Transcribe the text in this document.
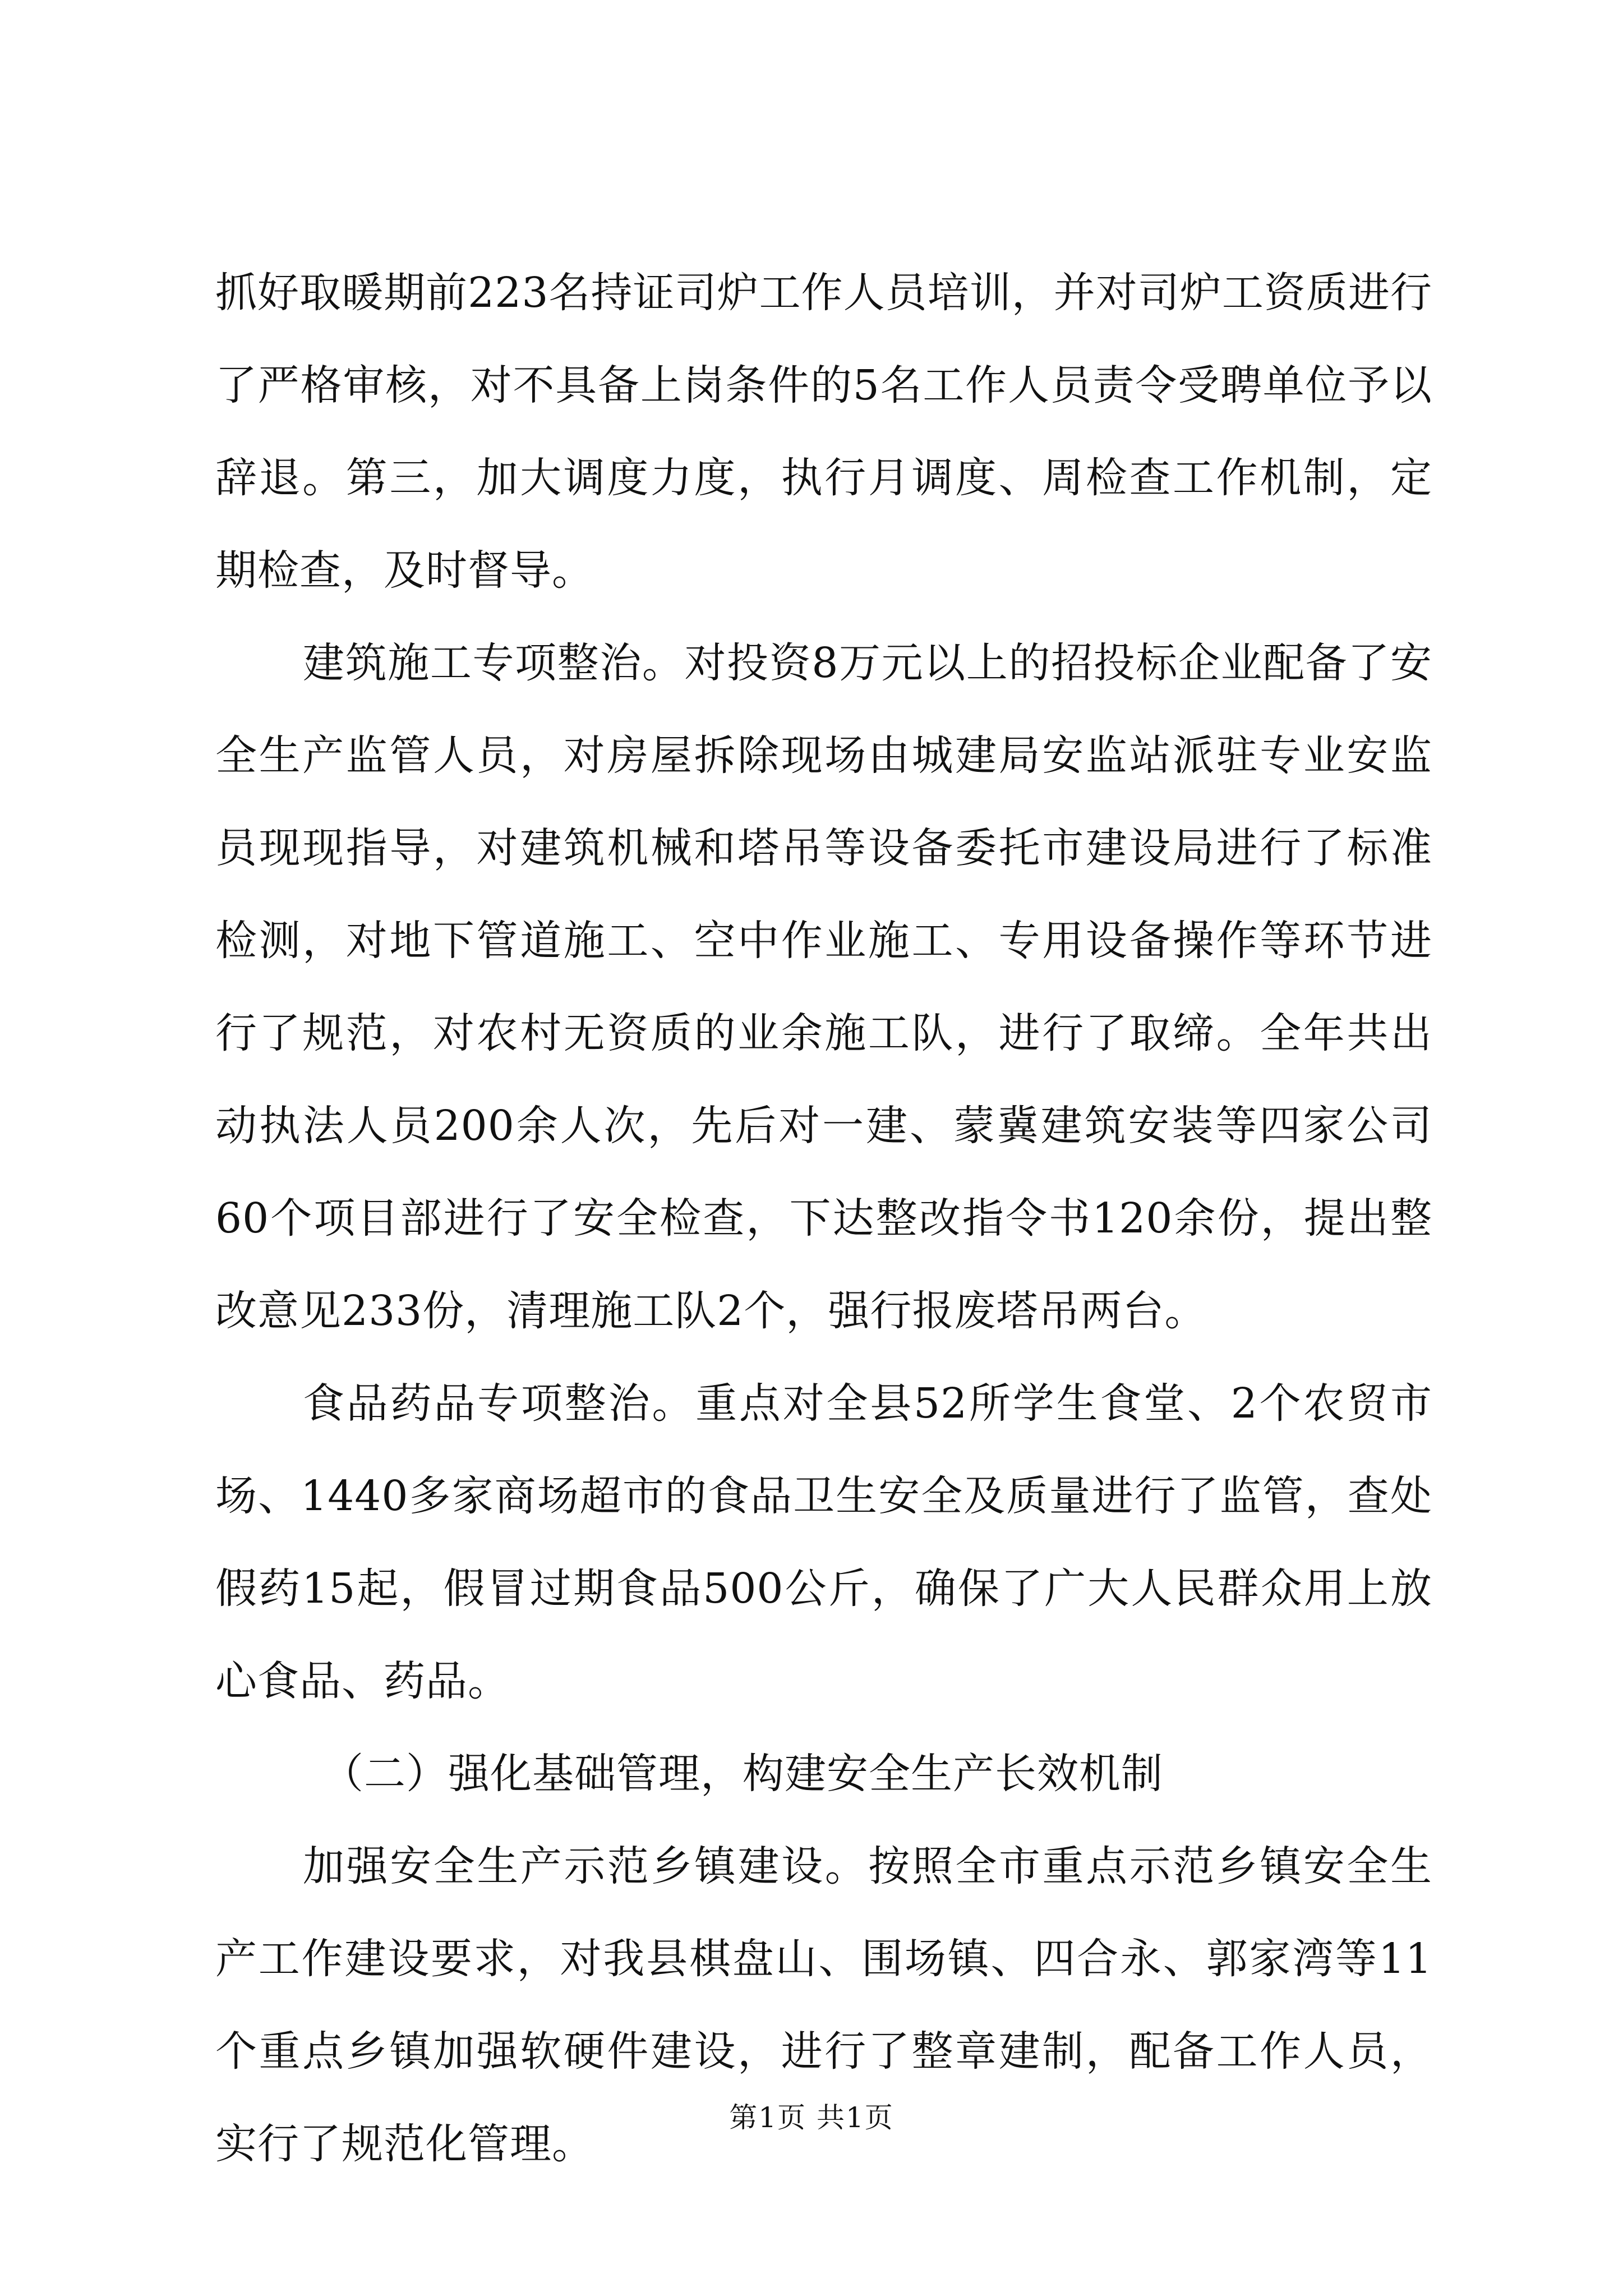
抓好取暖期前223名持证司炉工作人员培训，并对司炉工资质进行了严格审核，对不具备上岗条件的5名工作人员责令受聘单位予以辞退。第三，加大调度力度，执行月调度、周检查工作机制，定期检查，及时督导。

建筑施工专项整治。对投资8万元以上的招投标企业配备了安全生产监管人员，对房屋拆除现场由城建局安监站派驻专业安监员现现指导，对建筑机械和塔吊等设备委托市建设局进行了标准检测，对地下管道施工、空中作业施工、专用设备操作等环节进行了规范，对农村无资质的业余施工队，进行了取缔。全年共出动执法人员200余人次，先后对一建、蒙冀建筑安装等四家公司60个项目部进行了安全检查，下达整改指令书120余份，提出整改意见233份，清理施工队2个，强行报废塔吊两台。

食品药品专项整治。重点对全县52所学生食堂、2个农贸市场、1440多家商场超市的食品卫生安全及质量进行了监管，查处假药15起，假冒过期食品500公斤，确保了广大人民群众用上放心食品、药品。

（二）强化基础管理，构建安全生产长效机制

加强安全生产示范乡镇建设。按照全市重点示范乡镇安全生产工作建设要求，对我县棋盘山、围场镇、四合永、郭家湾等11个重点乡镇加强软硬件建设，进行了整章建制，配备工作人员，实行了规范化管理。

第1页 共1页
